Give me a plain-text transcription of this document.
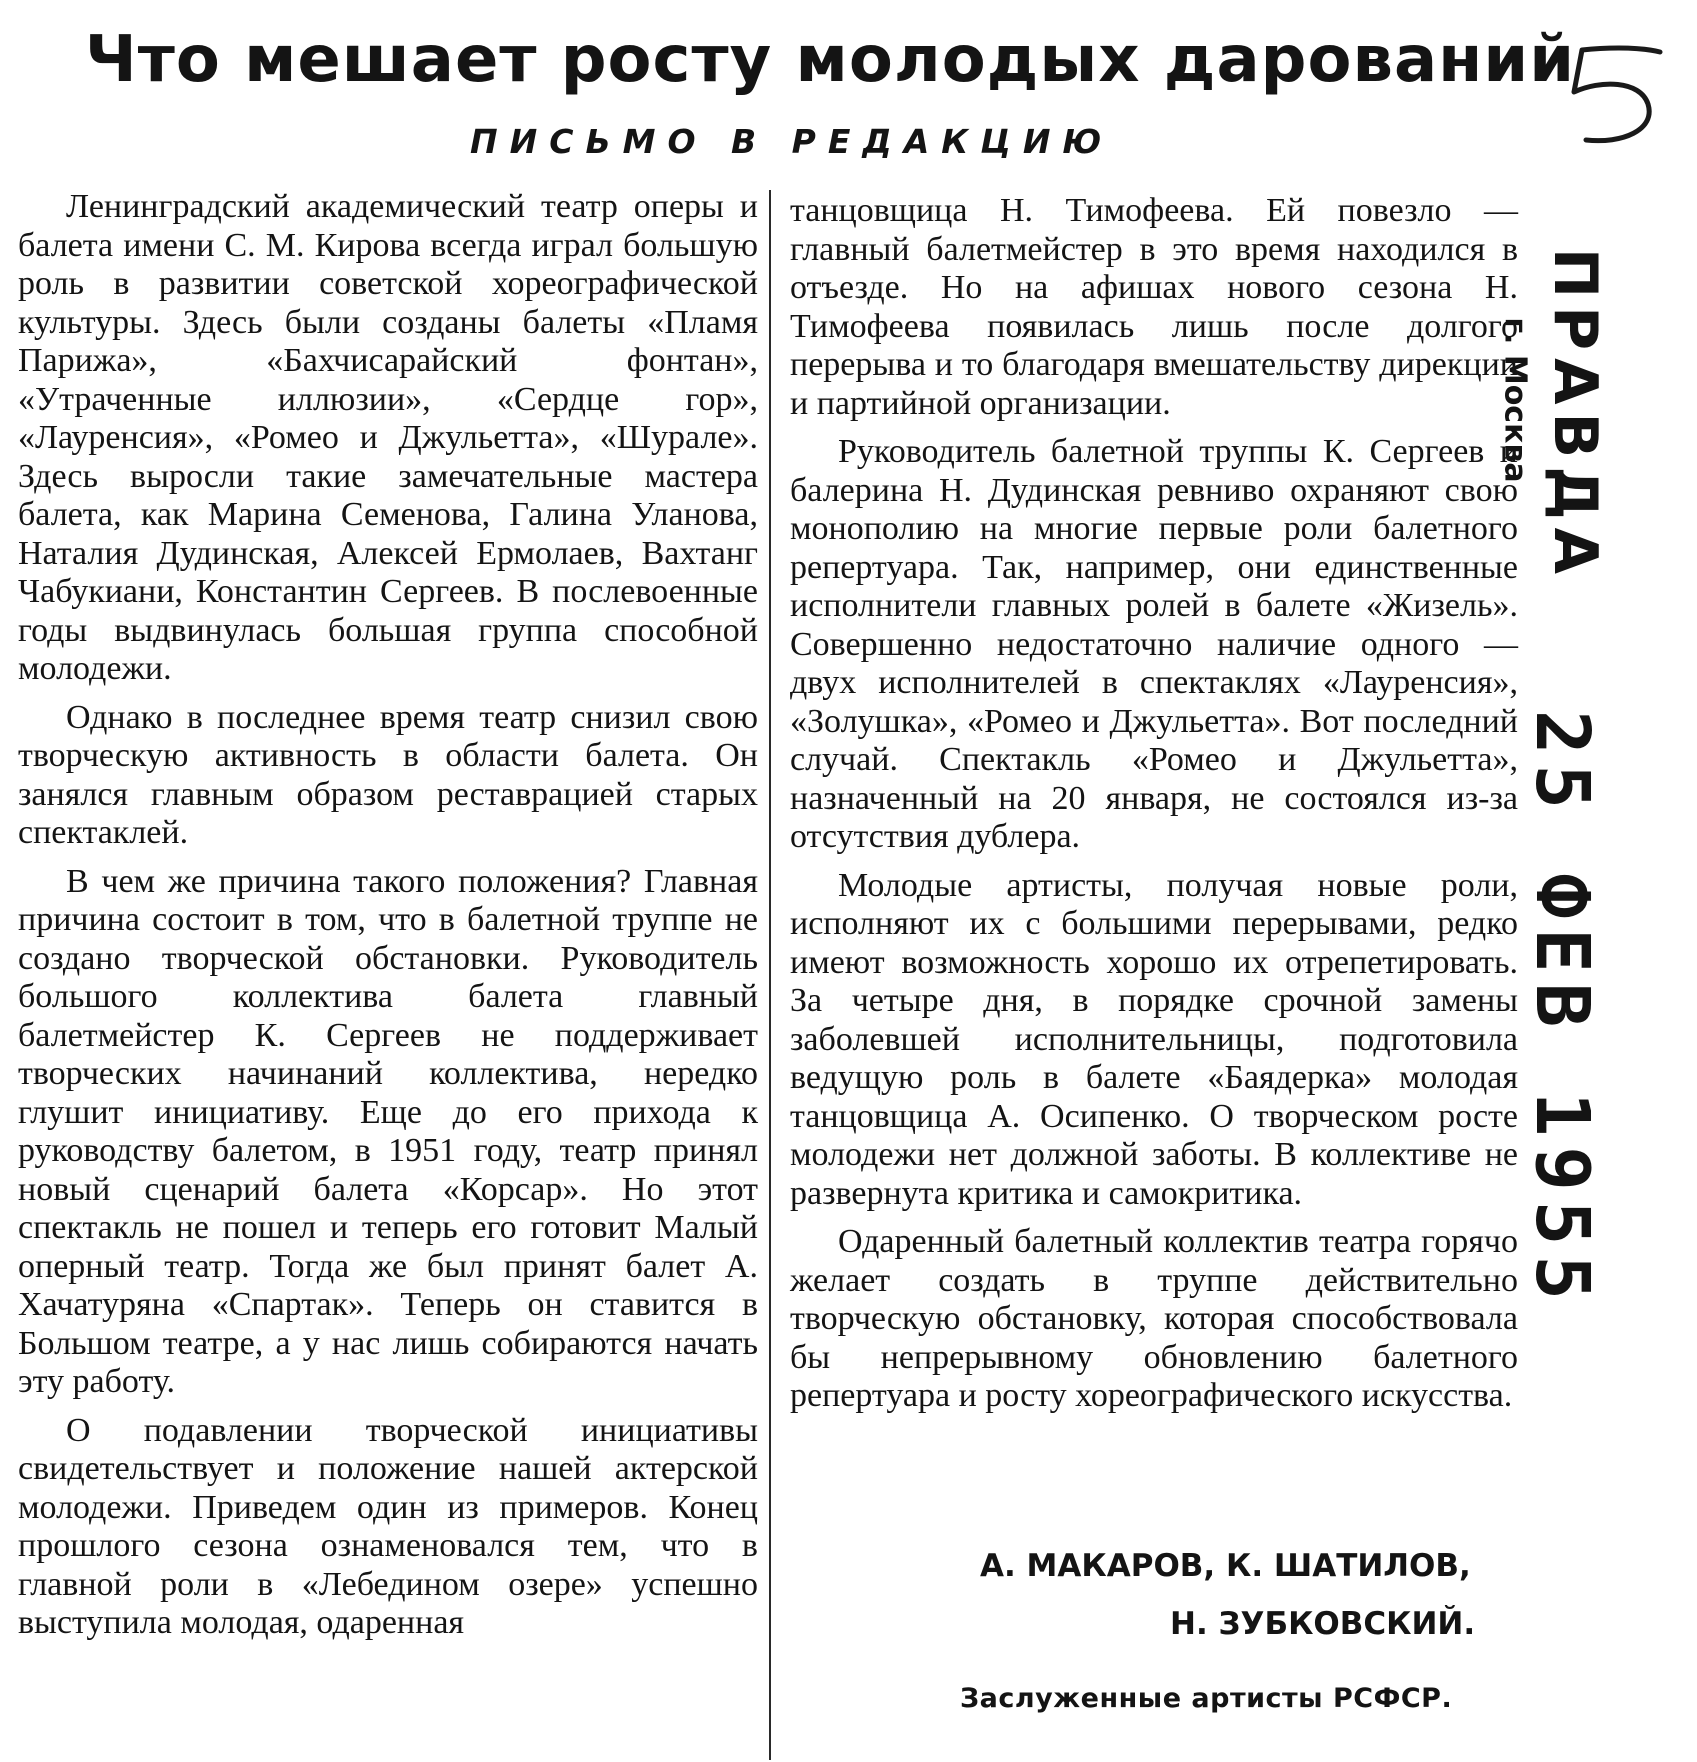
Что мешает росту молодых дарований
ПИСЬМО В РЕДАКЦИЮ

Ленинградский академический театр оперы и балета имени С. М. Кирова всегда играл большую роль в развитии советской хореографической культуры. Здесь были созданы балеты «Пламя Парижа», «Бахчисарайский фонтан», «Утраченные иллюзии», «Сердце гор», «Лауренсия», «Ромео и Джульетта», «Шурале». Здесь выросли такие замечательные мастера балета, как Марина Семенова, Галина Уланова, Наталия Дудинская, Алексей Ермолаев, Вахтанг Чабукиани, Константин Сергеев. В послевоенные годы выдвинулась большая группа способной молодежи.

Однако в последнее время театр снизил свою творческую активность в области балета. Он занялся главным образом реставрацией старых спектаклей.

В чем же причина такого положения? Главная причина состоит в том, что в балетной труппе не создано творческой обстановки. Руководитель большого коллектива балета главный балетмейстер К. Сергеев не поддерживает творческих начинаний коллектива, нередко глушит инициативу. Еще до его прихода к руководству балетом, в 1951 году, театр принял новый сценарий балета «Корсар». Но этот спектакль не пошел и теперь его готовит Малый оперный театр. Тогда же был принят балет А. Хачатуряна «Спартак». Теперь он ставится в Большом театре, а у нас лишь собираются начать эту работу.

О подавлении творческой инициативы свидетельствует и положение нашей актерской молодежи. Приведем один из примеров. Конец прошлого сезона ознаменовался тем, что в главной роли в «Лебедином озере» успешно выступила молодая, одаренная

танцовщица Н. Тимофеева. Ей повезло — главный балетмейстер в это время находился в отъезде. Но на афишах нового сезона Н. Тимофеева появилась лишь после долгого перерыва и то благодаря вмешательству дирекции и партийной организации.

Руководитель балетной труппы К. Сергеев и балерина Н. Дудинская ревниво охраняют свою монополию на многие первые роли балетного репертуара. Так, например, они единственные исполнители главных ролей в балете «Жизель». Совершенно недостаточно наличие одного — двух исполнителей в спектаклях «Лауренсия», «Золушка», «Ромео и Джульетта». Вот последний случай. Спектакль «Ромео и Джульетта», назначенный на 20 января, не состоялся из-за отсутствия дублера.

Молодые артисты, получая новые роли, исполняют их с большими перерывами, редко имеют возможность хорошо их отрепетировать. За четыре дня, в порядке срочной замены заболевшей исполнительницы, подготовила ведущую роль в балете «Баядерка» молодая танцовщица А. Осипенко. О творческом росте молодежи нет должной заботы. В коллективе не развернута критика и самокритика.

Одаренный балетный коллектив театра горячо желает создать в труппе действительно творческую обстановку, которая способствовала бы непрерывному обновлению балетного репертуара и росту хореографического искусства.

А. МАКАРОВ, К. ШАТИЛОВ,
Н. ЗУБКОВСКИЙ.
Заслуженные артисты РСФСР.
ПРАВДА
г. Москва
25 ФЕВ 1955
